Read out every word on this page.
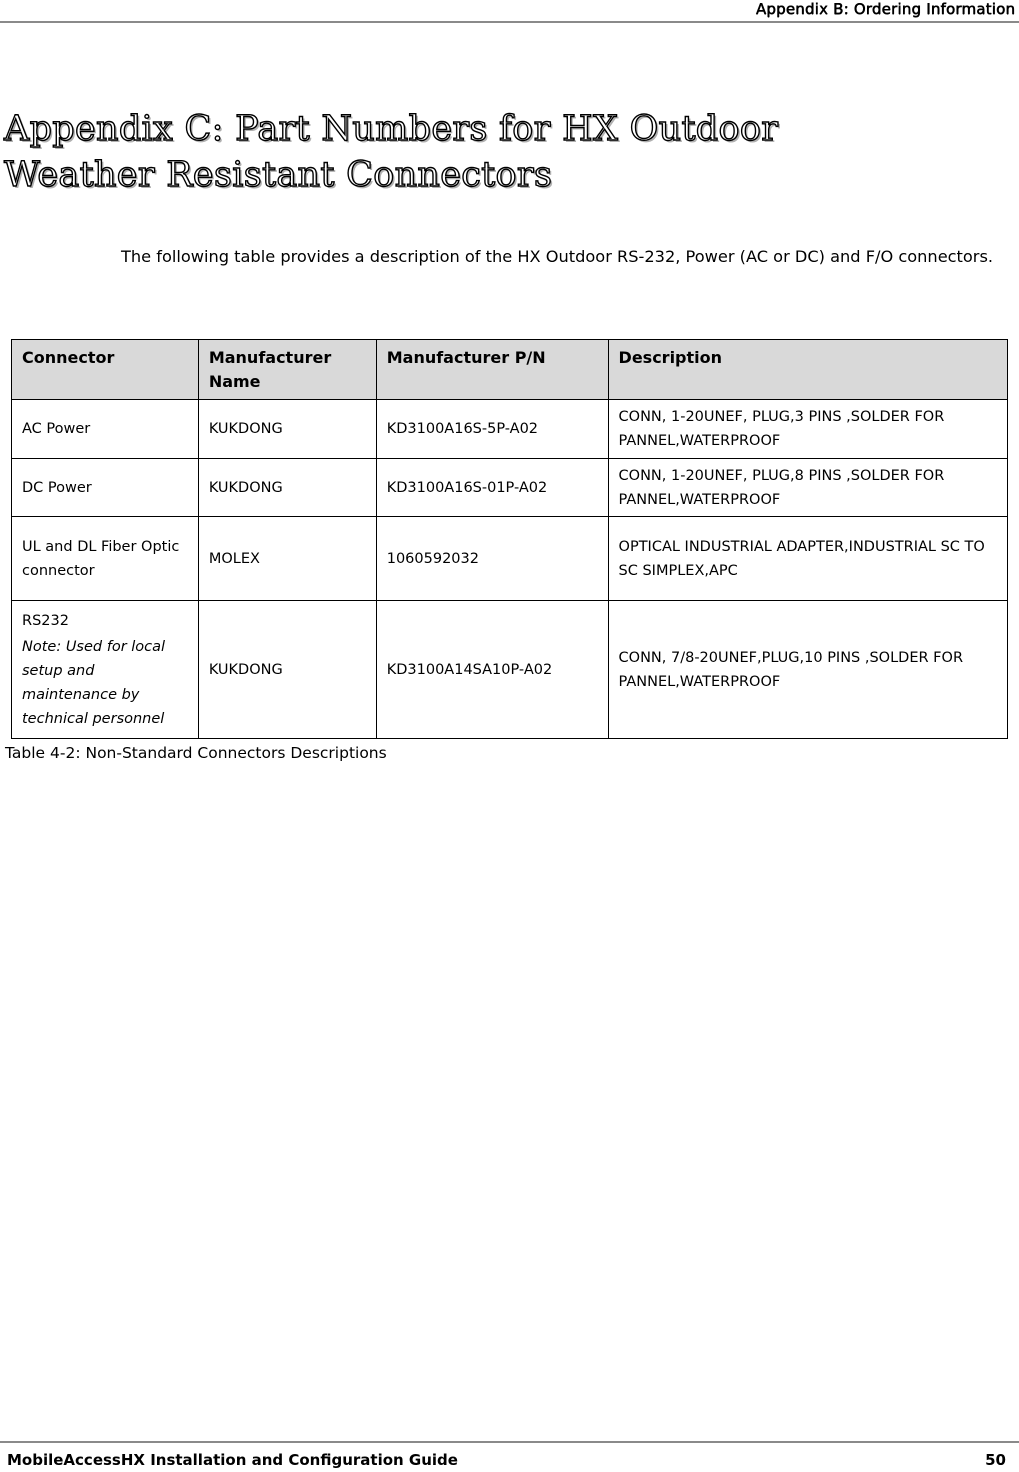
Appendix B: Ordering Information
Appendix C: Part Numbers for HX Outdoor
Weather Resistant Connectors

The following table provides a description of the HX Outdoor RS-232, Power (AC or DC) and F/O connectors.

Connector	Manufacturer Name	Manufacturer P/N	Description
AC Power	KUKDONG	KD3100A16S-5P-A02	CONN, 1-20UNEF, PLUG,3 PINS ,SOLDER FOR PANNEL,WATERPROOF
DC Power	KUKDONG	KD3100A16S-01P-A02	CONN, 1-20UNEF, PLUG,8 PINS ,SOLDER FOR PANNEL,WATERPROOF
UL and DL Fiber Optic connector	MOLEX	1060592032	OPTICAL INDUSTRIAL ADAPTER,INDUSTRIAL SC TO SC SIMPLEX,APC
RS232
Note: Used for local setup and maintenance by technical personnel	KUKDONG	KD3100A14SA10P-A02	CONN, 7/8-20UNEF,PLUG,10 PINS ,SOLDER FOR PANNEL,WATERPROOF

Table 4-2: Non-Standard Connectors Descriptions

MobileAccessHX Installation and Configuration Guide	50
